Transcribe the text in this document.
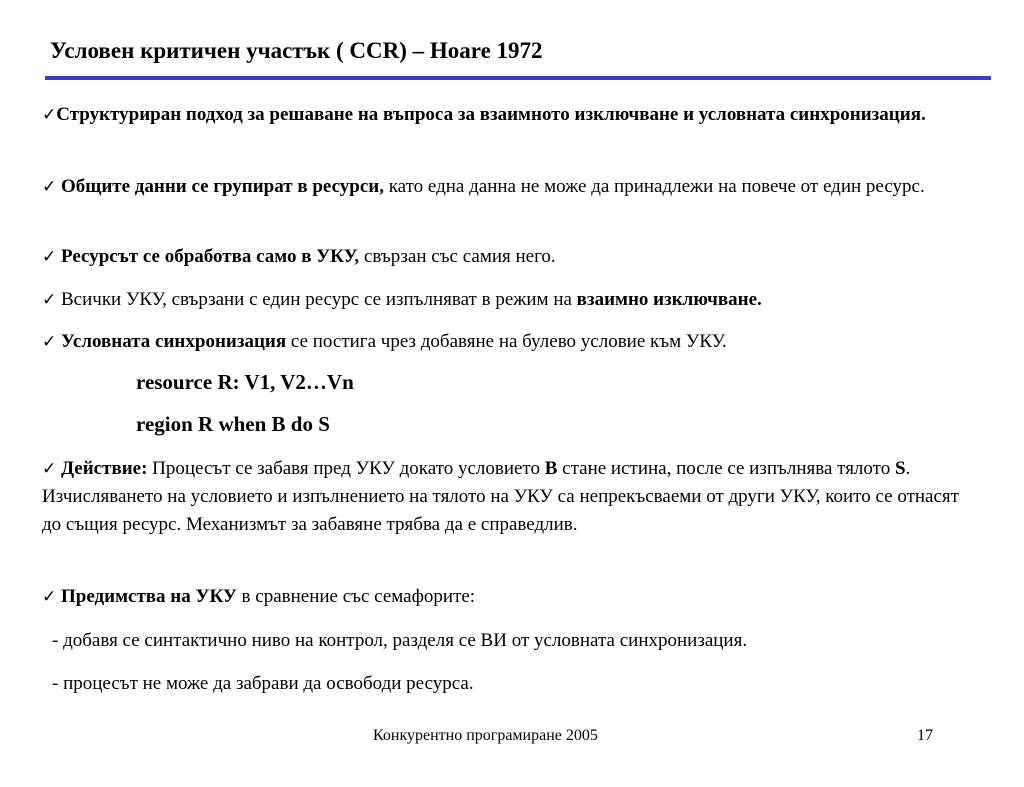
Условен критичен участък ( CCR) – Hoare 1972
✓Структуриран подход за решаване на въпроса за взаимното изключване и условната синхронизация.
✓ Общите данни се групират в ресурси, като една данна не може да принадлежи на повече от един ресурс.
✓ Ресурсът се обработва само в УКУ, свързан със самия него.
✓ Всички УКУ, свързани с един ресурс се изпълняват в режим на взаимно изключване.
✓ Условната синхронизация се постига чрез добавяне на булево условие към УКУ.
resource R: V1, V2…Vn
region R when B do S
✓ Действие: Процесът се забавя пред УКУ докато условието B стане истина, после се изпълнява тялото S. Изчисляването на условието и изпълнението на тялото на УКУ са непрекъсваеми от други УКУ, които се отнасят до същия ресурс. Механизмът за забавяне трябва да е справедлив.
✓ Предимства на УКУ в сравнение със семафорите:
- добавя се синтактично ниво на контрол, разделя се ВИ от условната синхронизация.
- процесът не може да забрави да освободи ресурса.
Конкурентно програмиране 2005	17
